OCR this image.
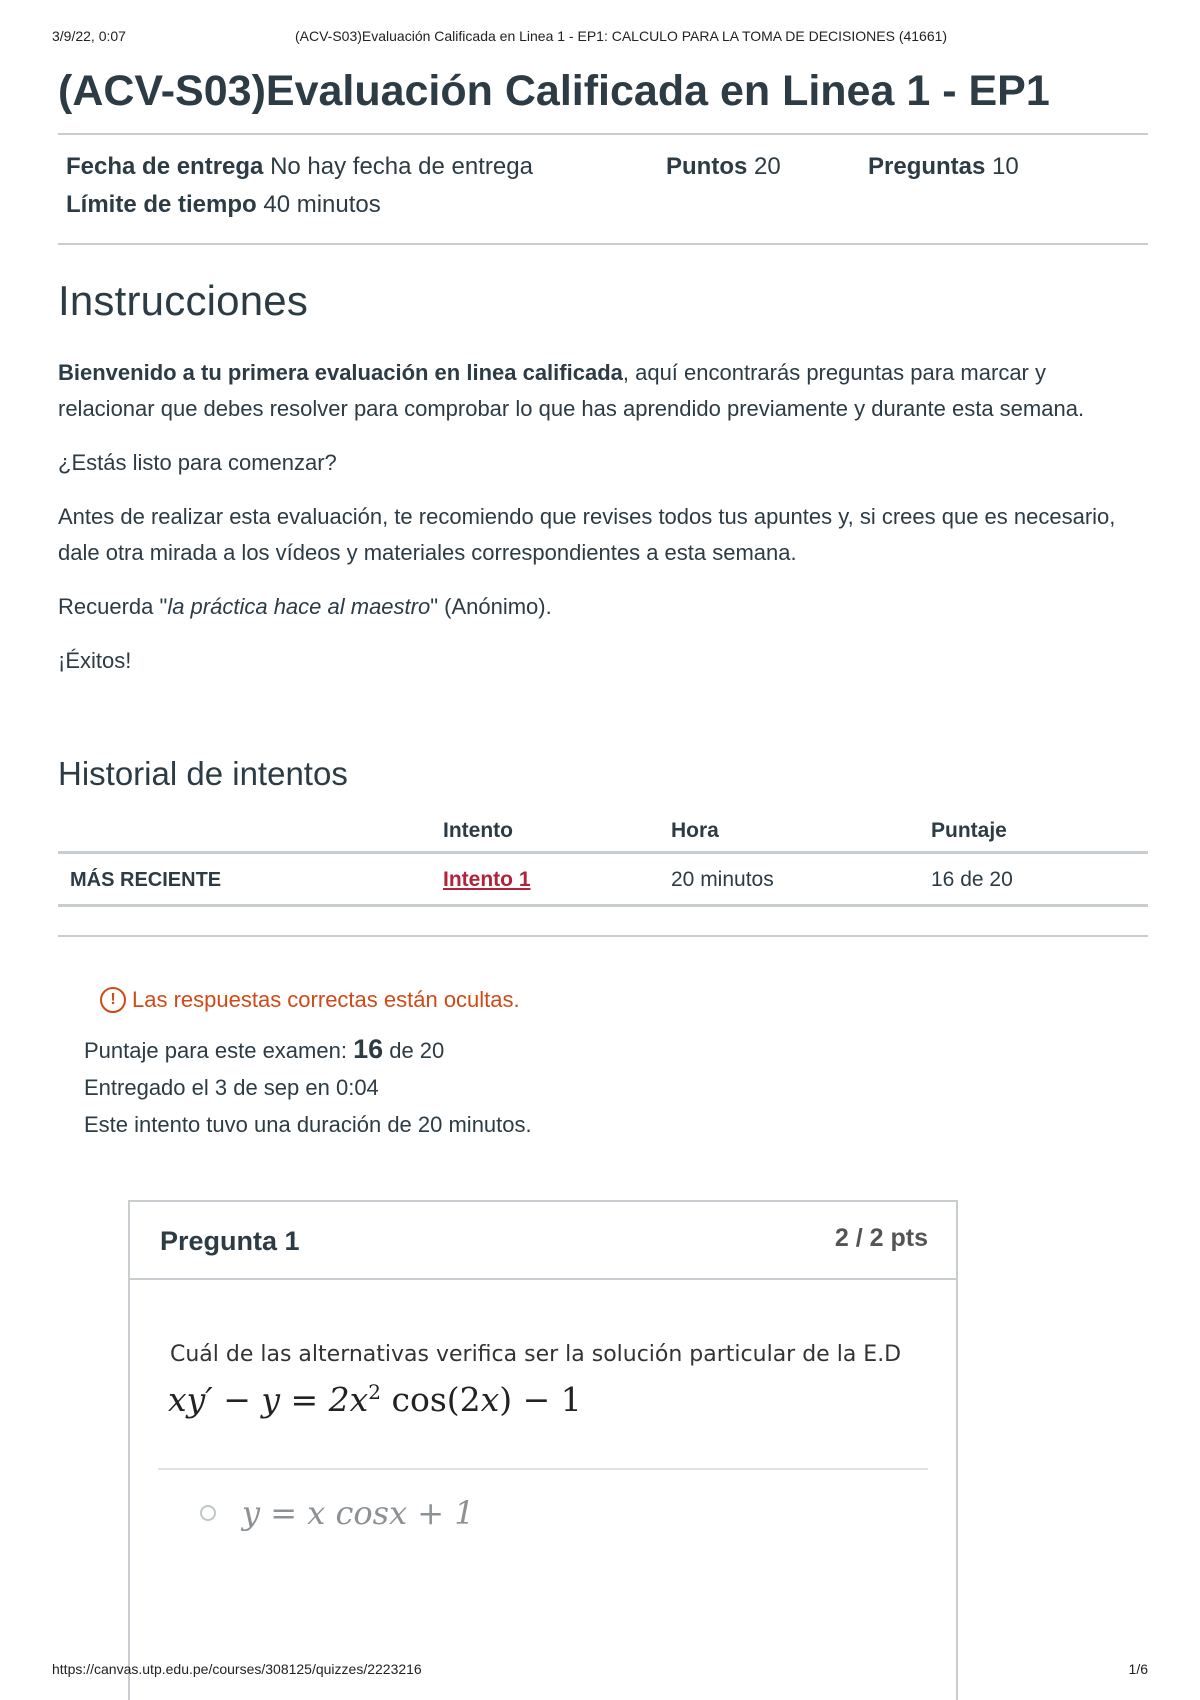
3/9/22, 0:07	(ACV-S03)Evaluación Calificada en Linea 1 - EP1: CALCULO PARA LA TOMA DE DECISIONES (41661)
(ACV-S03)Evaluación Calificada en Linea 1 - EP1
Fecha de entrega No hay fecha de entrega	Puntos 20	Preguntas 10
Límite de tiempo 40 minutos
Instrucciones

Bienvenido a tu primera evaluación en linea calificada, aquí encontrarás preguntas para marcar y relacionar que debes resolver para comprobar lo que has aprendido previamente y durante esta semana.

¿Estás listo para comenzar?

Antes de realizar esta evaluación, te recomiendo que revises todos tus apuntes y, si crees que es necesario, dale otra mirada a los vídeos y materiales correspondientes a esta semana.

Recuerda "la práctica hace al maestro" (Anónimo).

¡Éxitos!

Historial de intentos
	Intento	Hora	Puntaje
MÁS RECIENTE	Intento 1	20 minutos	16 de 20
! Las respuestas correctas están ocultas.
Puntaje para este examen: 16 de 20
Entregado el 3 de sep en 0:04
Este intento tuvo una duración de 20 minutos.
Pregunta 1	2 / 2 pts
Cuál de las alternativas verifica ser la solución particular de la E.D
$xy' - y = 2x^2$ cos(2x) − 1
y = x cosx + 1
https://canvas.utp.edu.pe/courses/308125/quizzes/2223216	1/6
